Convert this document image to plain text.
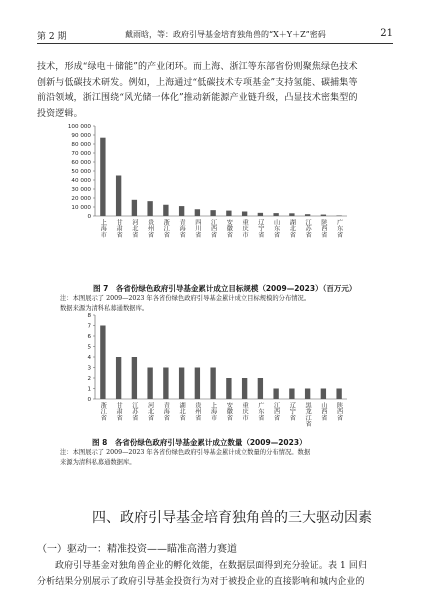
第 2 期	戴雨晗，等：政府引导基金培育独角兽的“X＋Y＋Z”密码	21

技术，形成“绿电＋储能”的产业闭环。而上海、浙江等东部省份则聚焦绿色技术

创新与低碳技术研发。例如，上海通过“低碳技术专项基金”支持氢能、碳捕集等

前沿领域，浙江围绕“风光储一体化”推动新能源产业链升级，凸显技术密集型的

投资逻辑。

0
10 000
20 000
30 000
40 000
50 000
60 000
70 000
80 000
90 000
100 000
上海市 甘肃省 河北省 贵州省 浙江省 青海省 四川省 江西省 安徽省 重庆市 辽宁省 山东省 湖北省 江苏省 陕西省 广东省
图 7　各省份绿色政府引导基金累计成立目标规模（2009—2023）（百万元）
注：本图展示了 2009—2023 年各省份绿色政府引导基金累计成立目标规模的分布情况。
数据来源为清科私募通数据库。
0
1
2
3
4
5
6
7
8
浙江省 甘肃省 江苏省 河北省 青海省 湖北省 贵州省 上海市 安徽省 重庆市 广东省 江西省 辽宁省 黑龙江省 山西省 陕西省
图 8　各省份绿色政府引导基金累计成立数量（2009—2023）
注：本图展示了 2009—2023 年各省份绿色政府引导基金累计成立数量的分布情况。数据
来源为清科私募通数据库。
四、政府引导基金培育独角兽的三大驱动因素
（一）驱动一：精准投资——瞄准高潜力赛道

政府引导基金对独角兽企业的孵化效能，在数据层面得到充分验证。表 1 回归

分析结果分别展示了政府引导基金投资行为对于被投企业的直接影响和城内企业的
